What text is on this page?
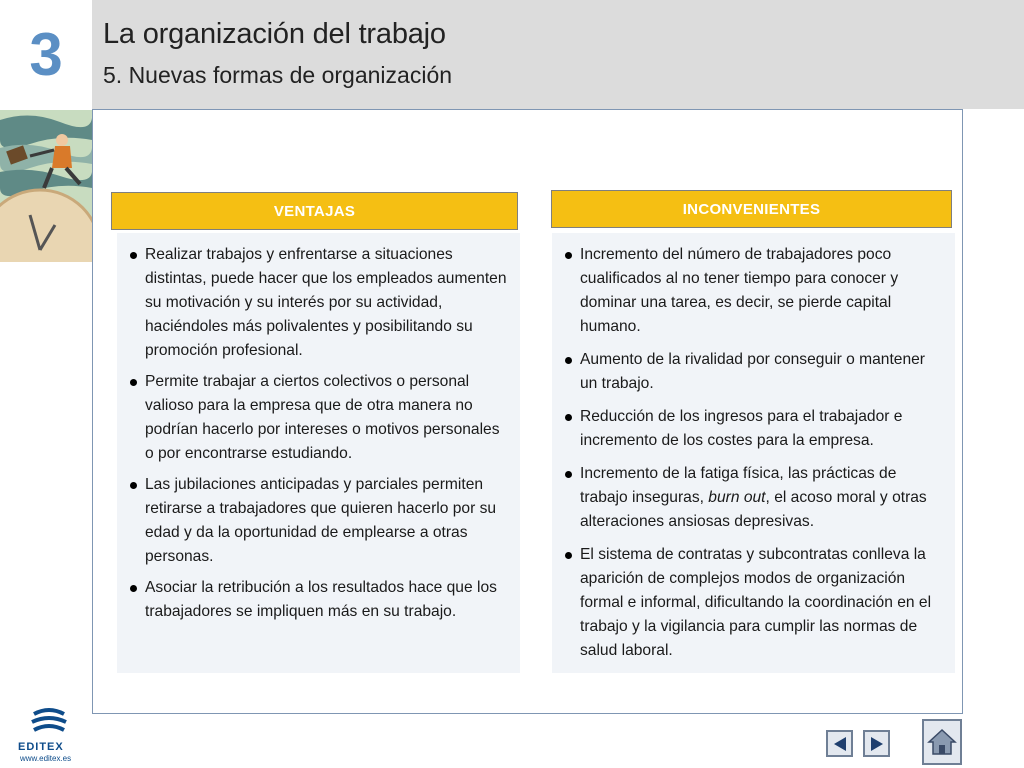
3	La organización del trabajo
5. Nuevas formas de organización
VENTAJAS
Realizar trabajos y enfrentarse a situaciones distintas, puede hacer que los empleados aumenten su motivación y su interés por su actividad, haciéndoles más polivalentes y posibilitando su promoción profesional.
Permite trabajar a ciertos colectivos o personal valioso para la empresa que de otra manera no podrían hacerlo por intereses o motivos personales o por encontrarse estudiando.
Las jubilaciones anticipadas y parciales permiten retirarse a trabajadores que quieren hacerlo por su edad y da la oportunidad de emplearse a otras personas.
Asociar la retribución a los resultados hace que los trabajadores se impliquen más en su trabajo.
INCONVENIENTES
Incremento del número de trabajadores poco cualificados al no tener tiempo para conocer y dominar una tarea, es decir, se pierde capital humano.
Aumento de la rivalidad por conseguir o mantener un trabajo.
Reducción de los ingresos para el trabajador e incremento de los costes para la empresa.
Incremento de la fatiga física, las prácticas de trabajo inseguras, burn out, el acoso moral y otras alteraciones ansiosas depresivas.
El sistema de contratas y subcontratas conlleva la aparición de complejos modos de organización formal e informal, dificultando la coordinación en el trabajo y la vigilancia para cumplir las normas de salud laboral.
EDITEX
www.editex.es
